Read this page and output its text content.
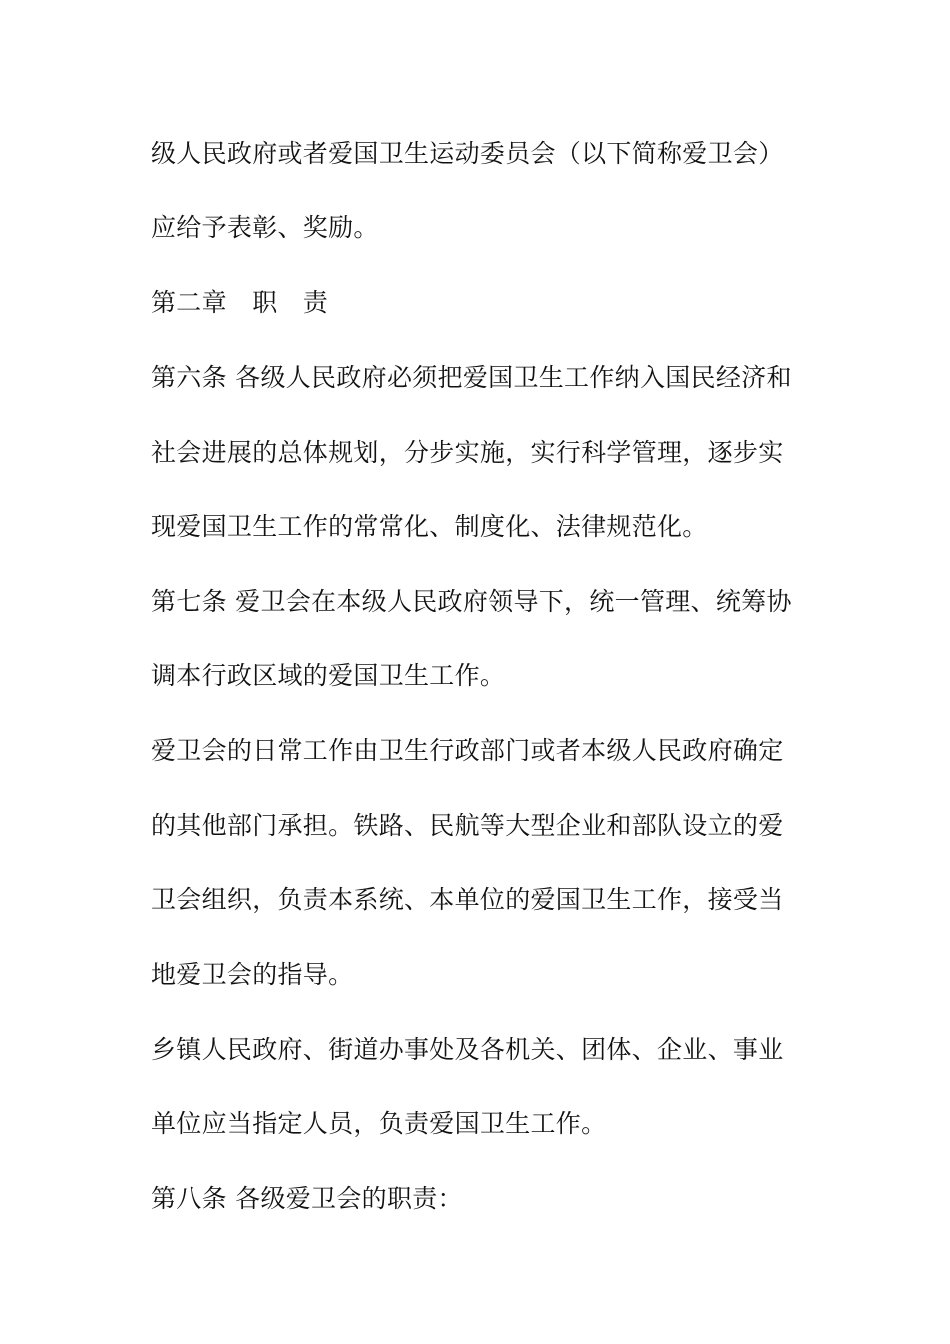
级人民政府或者爱国卫生运动委员会（以下简称爱卫会）
应给予表彰、奖励。
第二章　职　责
第六条 各级人民政府必须把爱国卫生工作纳入国民经济和
社会进展的总体规划，分步实施，实行科学管理，逐步实
现爱国卫生工作的常常化、制度化、法律规范化。
第七条 爱卫会在本级人民政府领导下，统一管理、统筹协
调本行政区域的爱国卫生工作。
爱卫会的日常工作由卫生行政部门或者本级人民政府确定
的其他部门承担。铁路、民航等大型企业和部队设立的爱
卫会组织，负责本系统、本单位的爱国卫生工作，接受当
地爱卫会的指导。
乡镇人民政府、街道办事处及各机关、团体、企业、事业
单位应当指定人员，负责爱国卫生工作。
第八条 各级爱卫会的职责：
